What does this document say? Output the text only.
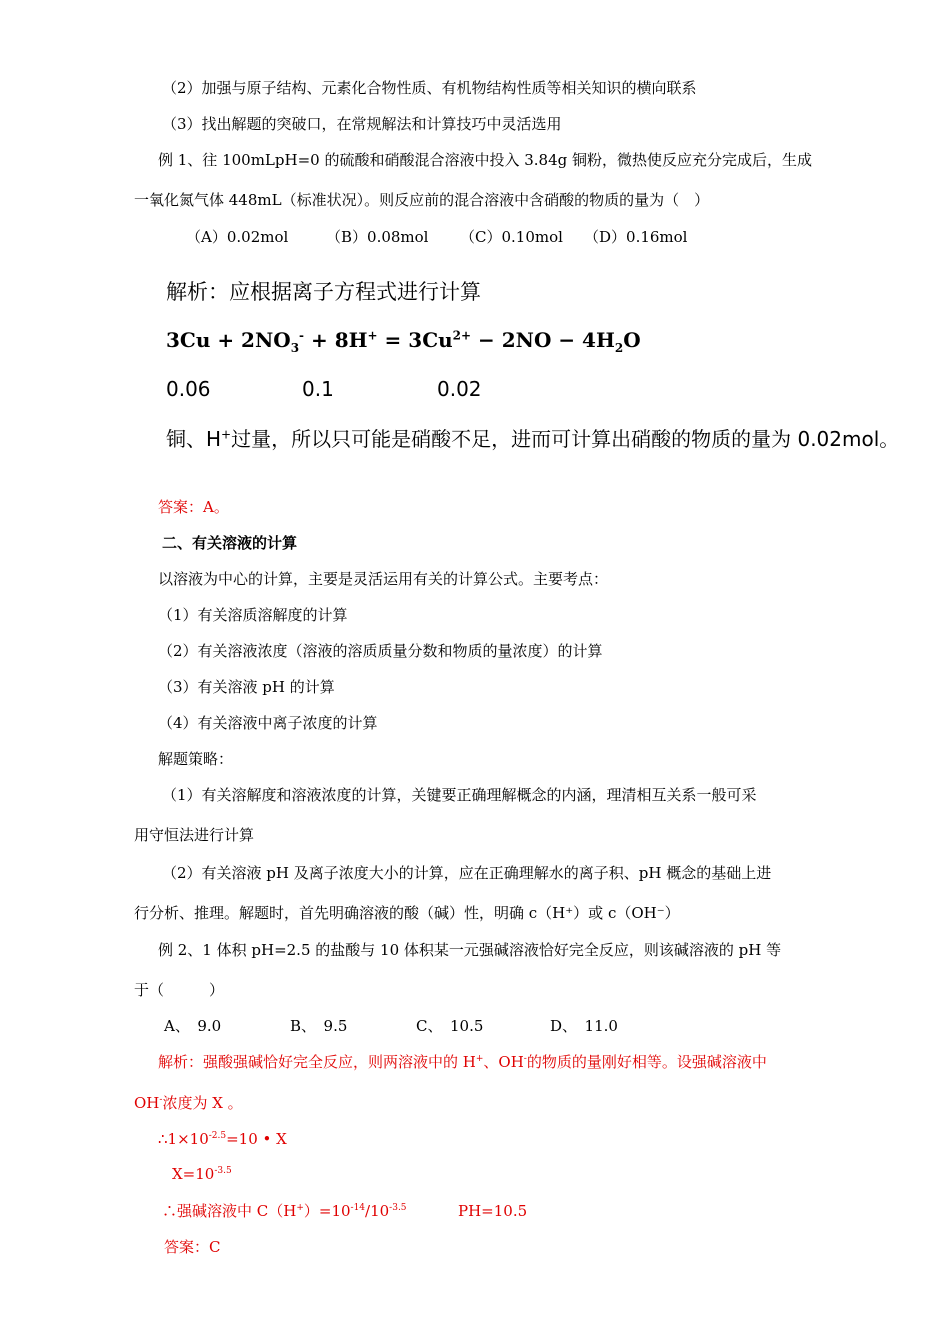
（2）加强与原子结构、元素化合物性质、有机物结构性质等相关知识的横向联系
（3）找出解题的突破口，在常规解法和计算技巧中灵活选用
例 1、往 100mLpH=0 的硫酸和硝酸混合溶液中投入 3.84g 铜粉，微热使反应充分完成后，生成
一氧化氮气体 448mL（标准状况）。则反应前的混合溶液中含硝酸的物质的量为（　）
（A）0.02mol	（B）0.08mol （C）0.10mol （D）0.16mol
解析：应根据离子方程式进行计算
$3Cu + 2NO_3^- + 8H^+ = 3Cu^{2+} - 2NO - 4H_2O$
0.06	0.1	0.02
铜、H+过量，所以只可能是硝酸不足，进而可计算出硝酸的物质的量为 0.02mol。
答案：A。
二、有关溶液的计算
以溶液为中心的计算，主要是灵活运用有关的计算公式。主要考点：
（1）有关溶质溶解度的计算
（2）有关溶液浓度（溶液的溶质质量分数和物质的量浓度）的计算
（3）有关溶液 pH 的计算
（4）有关溶液中离子浓度的计算
解题策略：
（1）有关溶解度和溶液浓度的计算，关键要正确理解概念的内涵，理清相互关系一般可采
用守恒法进行计算
（2）有关溶液 pH 及离子浓度大小的计算，应在正确理解水的离子积、pH 概念的基础上进
行分析、推理。解题时，首先明确溶液的酸（碱）性，明确 c（H⁺）或 c（OH⁻）
例 2、1 体积 pH=2.5 的盐酸与 10 体积某一元强碱溶液恰好完全反应，则该碱溶液的 pH 等
于（　　　）
A、　9.0	B、　9.5	C、　10.5	D、　11.0
解析：强酸强碱恰好完全反应，则两溶液中的 H+、OH-的物质的量刚好相等。设强碱溶液中
OH-浓度为 X 。
$\therefore 1\times 10^{-2.5}=10$ • X
$X=10^{-3.5}$
∴强碱溶液中 $C(H^+)=10^{-14}/10^{-3.5}$	PH=10.5
答案：C
